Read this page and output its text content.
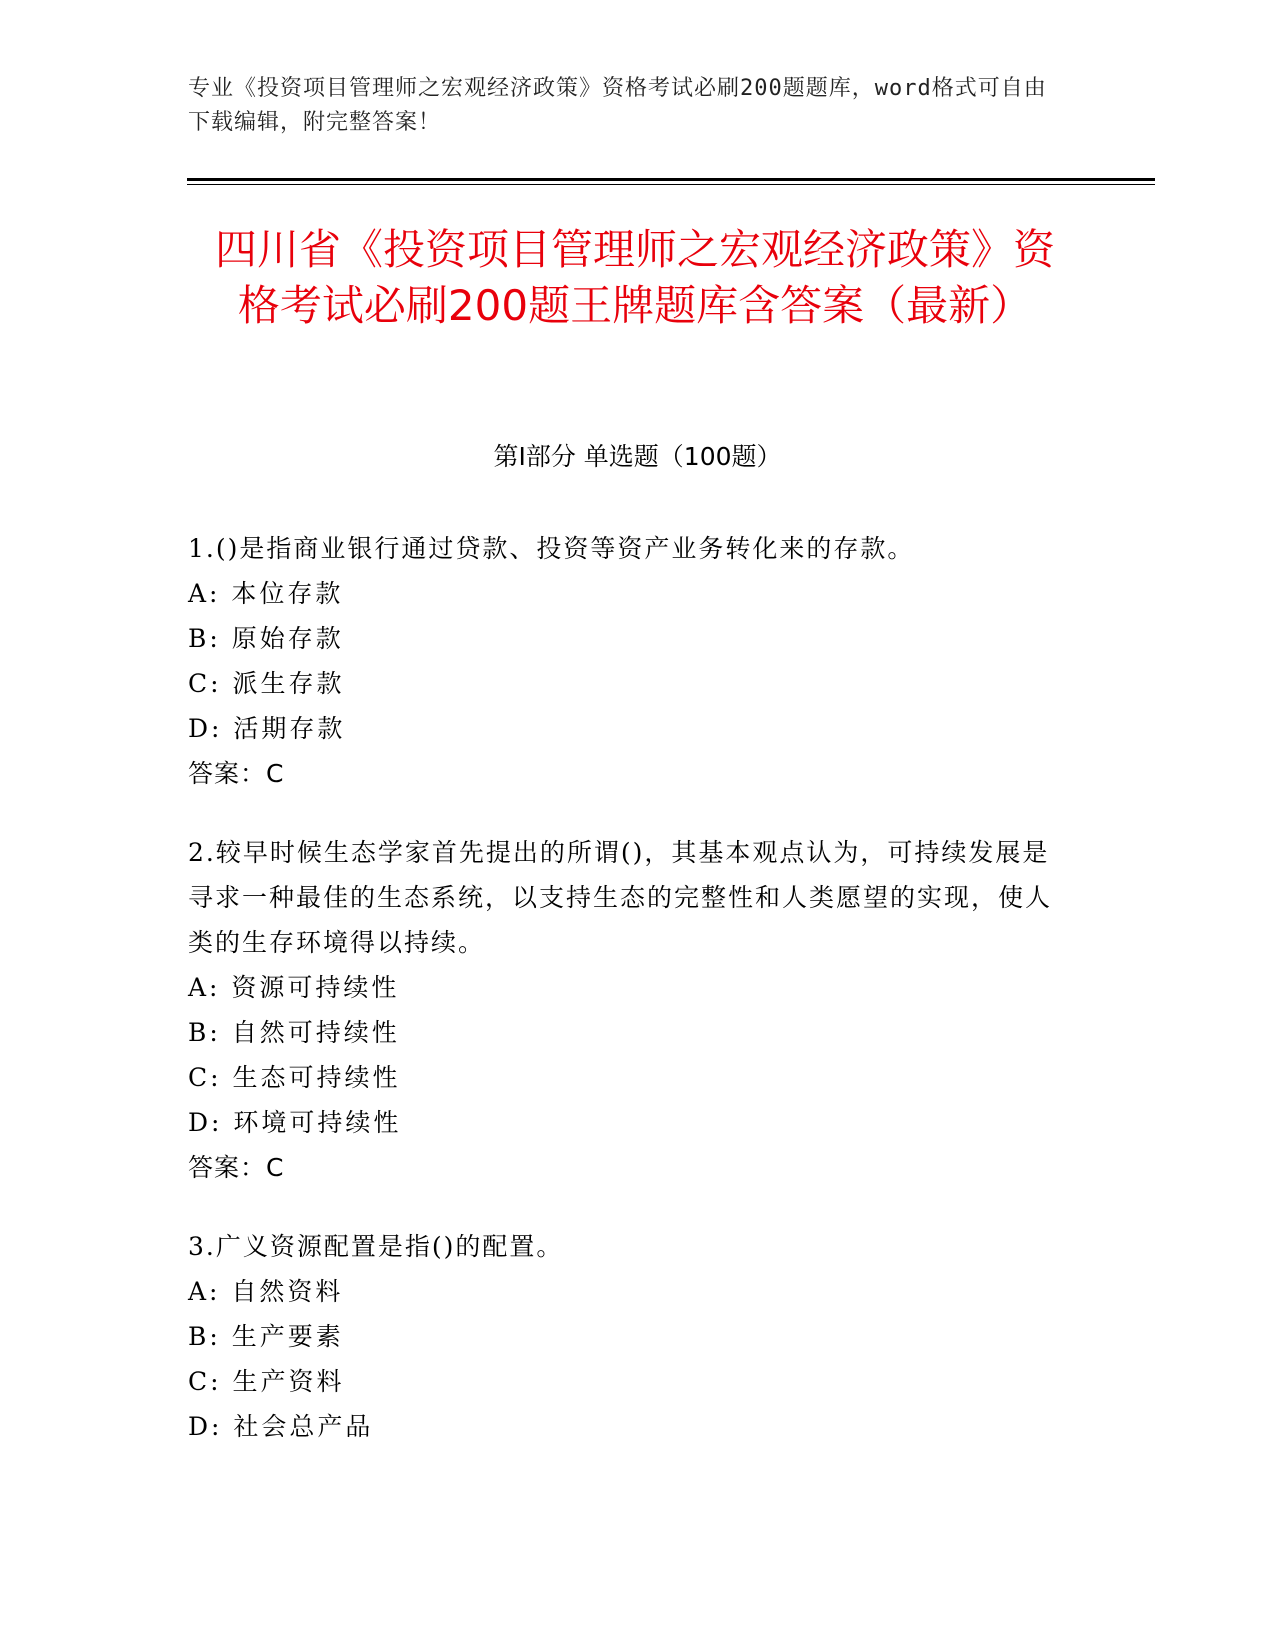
专业《投资项目管理师之宏观经济政策》资格考试必刷200题题库，word格式可自由下载编辑，附完整答案！
四川省《投资项目管理师之宏观经济政策》资格考试必刷200题王牌题库含答案（最新）
第I部分 单选题（100题）
1.()是指商业银行通过贷款、投资等资产业务转化来的存款。
A: 本位存款
B: 原始存款
C: 派生存款
D: 活期存款
答案：C
2.较早时候生态学家首先提出的所谓()，其基本观点认为，可持续发展是寻求一种最佳的生态系统，以支持生态的完整性和人类愿望的实现，使人类的生存环境得以持续。
A: 资源可持续性
B: 自然可持续性
C: 生态可持续性
D: 环境可持续性
答案：C
3.广义资源配置是指()的配置。
A: 自然资料
B: 生产要素
C: 生产资料
D: 社会总产品
